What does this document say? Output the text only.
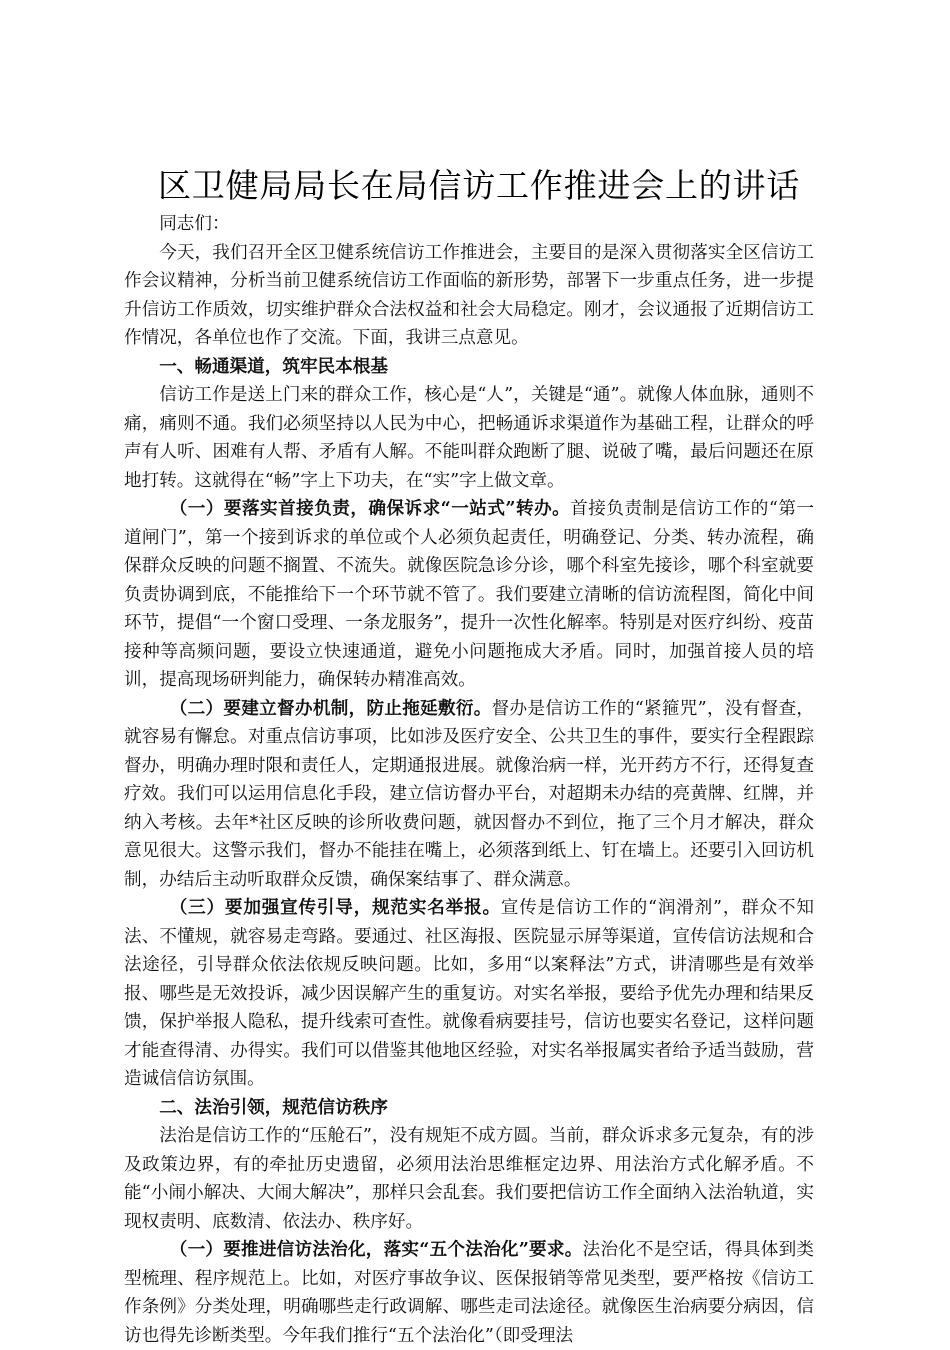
区卫健局局长在局信访工作推进会上的讲话

同志们：

今天，我们召开全区卫健系统信访工作推进会，主要目的是深入贯彻落实全区信访工作会议精神，分析当前卫健系统信访工作面临的新形势，部署下一步重点任务，进一步提升信访工作质效，切实维护群众合法权益和社会大局稳定。刚才，会议通报了近期信访工作情况，各单位也作了交流。下面，我讲三点意见。

一、畅通渠道，筑牢民本根基

信访工作是送上门来的群众工作，核心是“人”，关键是“通”。就像人体血脉，通则不痛，痛则不通。我们必须坚持以人民为中心，把畅通诉求渠道作为基础工程，让群众的呼声有人听、困难有人帮、矛盾有人解。不能叫群众跑断了腿、说破了嘴，最后问题还在原地打转。这就得在“畅”字上下功夫，在“实”字上做文章。

（一）要落实首接负责，确保诉求“一站式”转办。首接负责制是信访工作的“第一道闸门”，第一个接到诉求的单位或个人必须负起责任，明确登记、分类、转办流程，确保群众反映的问题不搁置、不流失。就像医院急诊分诊，哪个科室先接诊，哪个科室就要负责协调到底，不能推给下一个环节就不管了。我们要建立清晰的信访流程图，简化中间环节，提倡“一个窗口受理、一条龙服务”，提升一次性化解率。特别是对医疗纠纷、疫苗接种等高频问题，要设立快速通道，避免小问题拖成大矛盾。同时，加强首接人员的培训，提高现场研判能力，确保转办精准高效。

（二）要建立督办机制，防止拖延敷衍。督办是信访工作的“紧箍咒”，没有督查，就容易有懈怠。对重点信访事项，比如涉及医疗安全、公共卫生的事件，要实行全程跟踪督办，明确办理时限和责任人，定期通报进展。就像治病一样，光开药方不行，还得复查疗效。我们可以运用信息化手段，建立信访督办平台，对超期未办结的亮黄牌、红牌，并纳入考核。去年*社区反映的诊所收费问题，就因督办不到位，拖了三个月才解决，群众意见很大。这警示我们，督办不能挂在嘴上，必须落到纸上、钉在墙上。还要引入回访机制，办结后主动听取群众反馈，确保案结事了、群众满意。

（三）要加强宣传引导，规范实名举报。宣传是信访工作的“润滑剂”，群众不知法、不懂规，就容易走弯路。要通过、社区海报、医院显示屏等渠道，宣传信访法规和合法途径，引导群众依法依规反映问题。比如，多用“以案释法”方式，讲清哪些是有效举报、哪些是无效投诉，减少因误解产生的重复访。对实名举报，要给予优先办理和结果反馈，保护举报人隐私，提升线索可查性。就像看病要挂号，信访也要实名登记，这样问题才能查得清、办得实。我们可以借鉴其他地区经验，对实名举报属实者给予适当鼓励，营造诚信信访氛围。

二、法治引领，规范信访秩序

法治是信访工作的“压舱石”，没有规矩不成方圆。当前，群众诉求多元复杂，有的涉及政策边界，有的牵扯历史遗留，必须用法治思维框定边界、用法治方式化解矛盾。不能“小闹小解决、大闹大解决”，那样只会乱套。我们要把信访工作全面纳入法治轨道，实现权责明、底数清、依法办、秩序好。

（一）要推进信访法治化，落实“五个法治化”要求。法治化不是空话，得具体到类型梳理、程序规范上。比如，对医疗事故争议、医保报销等常见类型，要严格按《信访工作条例》分类处理，明确哪些走行政调解、哪些走司法途径。就像医生治病要分病因，信访也得先诊断类型。今年我们推行“五个法治化”（即受理法
